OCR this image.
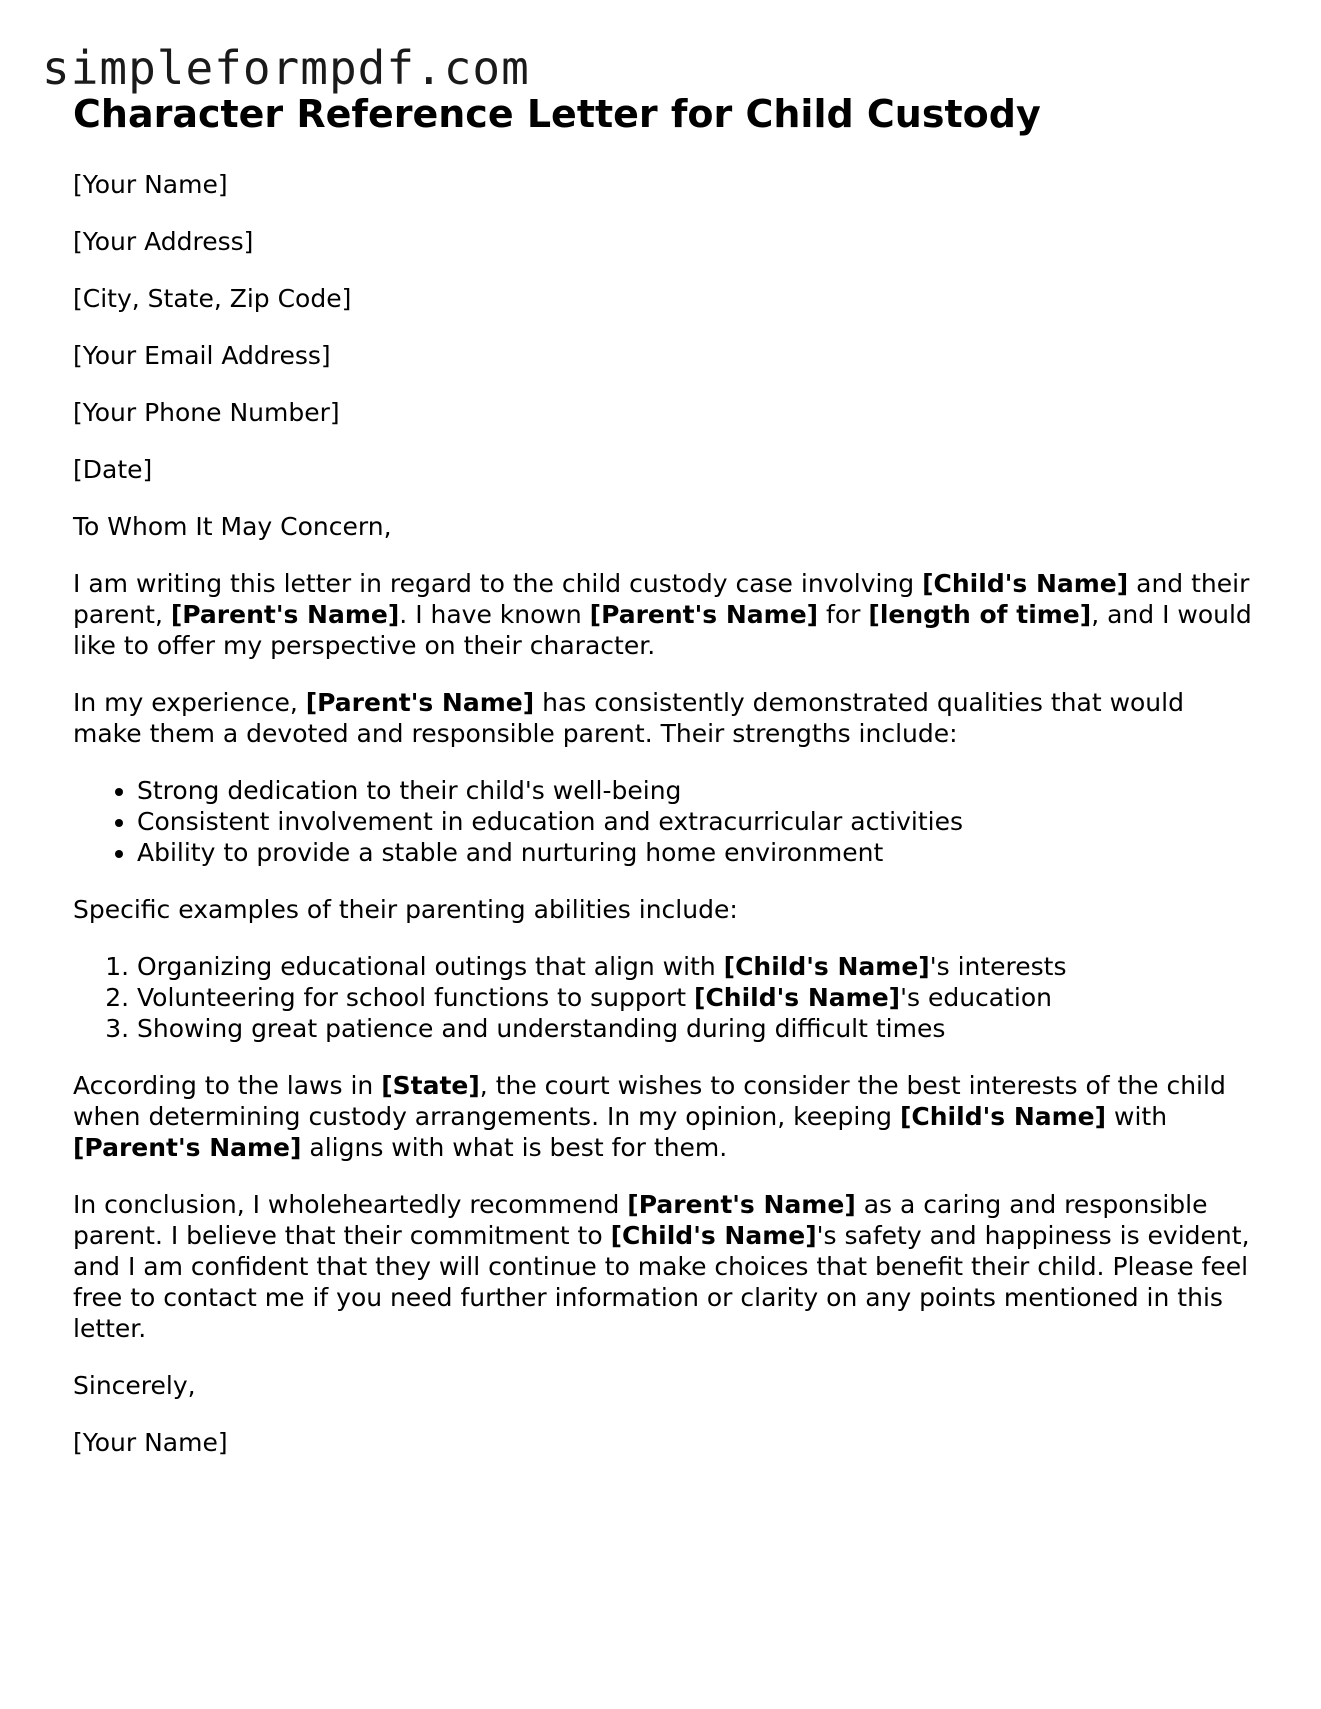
simpleformpdf.com
Character Reference Letter for Child Custody

[Your Name]

[Your Address]

[City, State, Zip Code]

[Your Email Address]

[Your Phone Number]

[Date]

To Whom It May Concern,

I am writing this letter in regard to the child custody case involving [Child's Name] and their parent, [Parent's Name]. I have known [Parent's Name] for [length of time], and I would like to offer my perspective on their character.

In my experience, [Parent's Name] has consistently demonstrated qualities that would make them a devoted and responsible parent. Their strengths include:

• Strong dedication to their child's well-being
• Consistent involvement in education and extracurricular activities
• Ability to provide a stable and nurturing home environment

Specific examples of their parenting abilities include:

1. Organizing educational outings that align with [Child's Name]'s interests
2. Volunteering for school functions to support [Child's Name]'s education
3. Showing great patience and understanding during difficult times

According to the laws in [State], the court wishes to consider the best interests of the child when determining custody arrangements. In my opinion, keeping [Child's Name] with [Parent's Name] aligns with what is best for them.

In conclusion, I wholeheartedly recommend [Parent's Name] as a caring and responsible parent. I believe that their commitment to [Child's Name]'s safety and happiness is evident, and I am confident that they will continue to make choices that benefit their child. Please feel free to contact me if you need further information or clarity on any points mentioned in this letter.

Sincerely,

[Your Name]
